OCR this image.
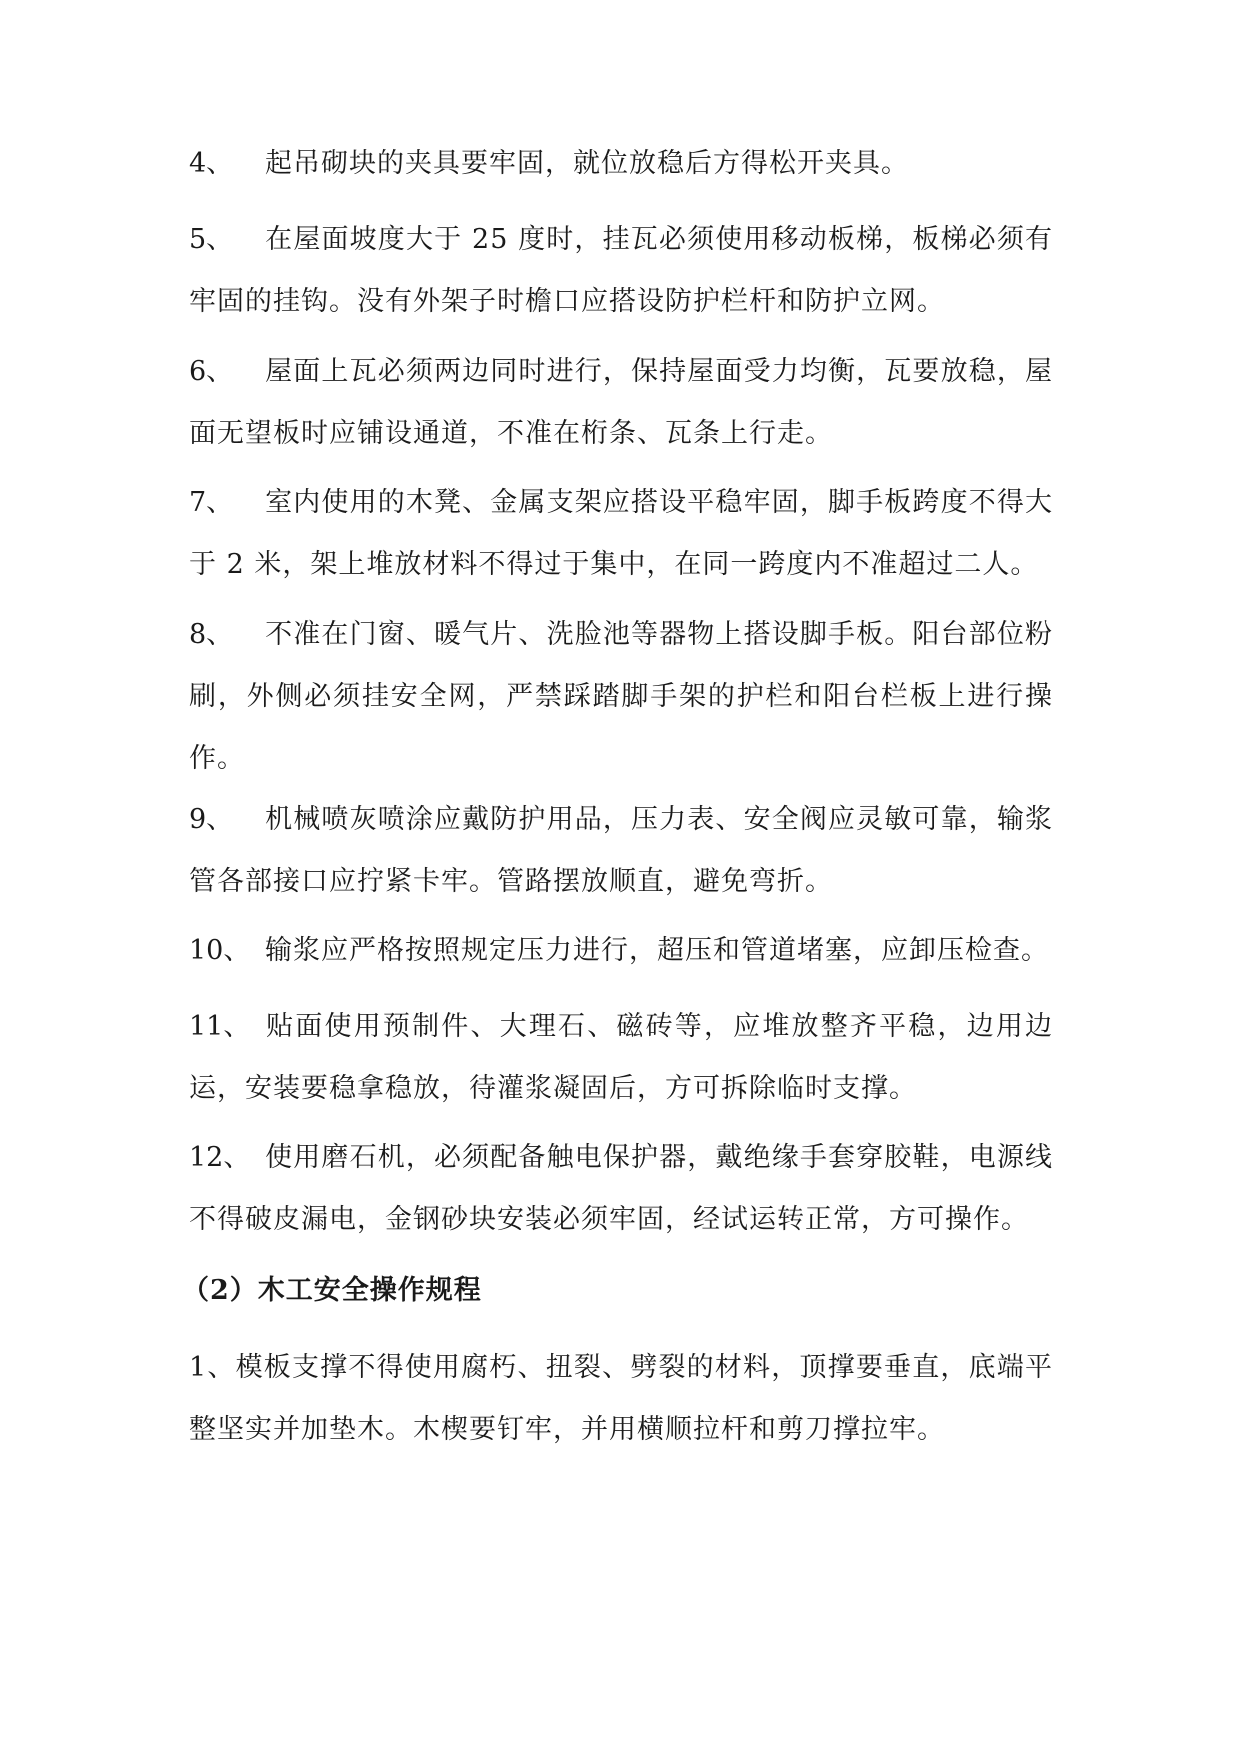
4、 起吊砌块的夹具要牢固，就位放稳后方得松开夹具。
5、 在屋面坡度大于 25 度时，挂瓦必须使用移动板梯，板梯必须有牢固的挂钩。没有外架子时檐口应搭设防护栏杆和防护立网。
6、 屋面上瓦必须两边同时进行，保持屋面受力均衡，瓦要放稳，屋面无望板时应铺设通道，不准在桁条、瓦条上行走。
7、 室内使用的木凳、金属支架应搭设平稳牢固，脚手板跨度不得大于 2 米，架上堆放材料不得过于集中，在同一跨度内不准超过二人。
8、 不准在门窗、暖气片、洗脸池等器物上搭设脚手板。阳台部位粉刷，外侧必须挂安全网，严禁踩踏脚手架的护栏和阳台栏板上进行操作。
9、 机械喷灰喷涂应戴防护用品，压力表、安全阀应灵敏可靠，输浆管各部接口应拧紧卡牢。管路摆放顺直，避免弯折。
10、 输浆应严格按照规定压力进行，超压和管道堵塞，应卸压检查。
11、 贴面使用预制件、大理石、磁砖等，应堆放整齐平稳，边用边运，安装要稳拿稳放，待灌浆凝固后，方可拆除临时支撑。
12、 使用磨石机，必须配备触电保护器，戴绝缘手套穿胶鞋，电源线不得破皮漏电，金钢砂块安装必须牢固，经试运转正常，方可操作。
（2）木工安全操作规程
1、模板支撑不得使用腐朽、扭裂、劈裂的材料，顶撑要垂直，底端平整坚实并加垫木。木楔要钉牢，并用横顺拉杆和剪刀撑拉牢。
